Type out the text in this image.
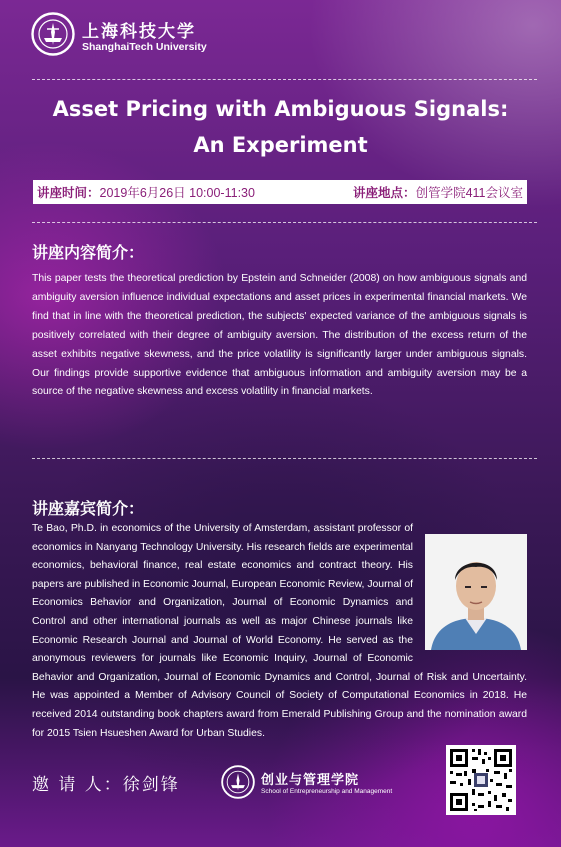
上海科技大学
ShanghaiTech University
Asset Pricing with Ambiguous Signals:
An Experiment
讲座时间：2019年6月26日 10:00-11:30	讲座地点：创管学院411会议室
讲座内容简介：
This paper tests the theoretical prediction by Epstein and Schneider (2008) on how ambiguous signals and ambiguity aversion influence individual expectations and asset prices in experimental financial markets. We find that in line with the theoretical prediction, the subjects' expected variance of the ambiguous signals is positively correlated with their degree of ambiguity aversion. The distribution of the excess return of the asset exhibits negative skewness, and the price volatility is significantly larger under ambiguous signals. Our findings provide supportive evidence that ambiguous information and ambiguity aversion may be a source of the negative skewness and excess volatility in financial markets.
讲座嘉宾简介：
Te Bao, Ph.D. in economics of the University of Amsterdam, assistant professor of economics in Nanyang Technology University. His research fields are experimental economics, behavioral finance, real estate economics and contract theory. His papers are published in Economic Journal, European Economic Review, Journal of Economics Behavior and Organization, Journal of Economic Dynamics and Control and other international journals as well as major Chinese journals like Economic Research Journal and Journal of World Economy. He served as the anonymous reviewers for journals like Economic Inquiry, Journal of Economic Behavior and Organization, Journal of Economic Dynamics and Control, Journal of Risk and Uncertainty. He was appointed a Member of Advisory Council of Society of Computational Economics in 2018. He received 2014 outstanding book chapters award from Emerald Publishing Group and the nomination award for 2015 Tsien Hsueshen Award for Urban Studies.
邀 请 人：徐剑锋	创业与管理学院
School of Entrepreneurship and Management
